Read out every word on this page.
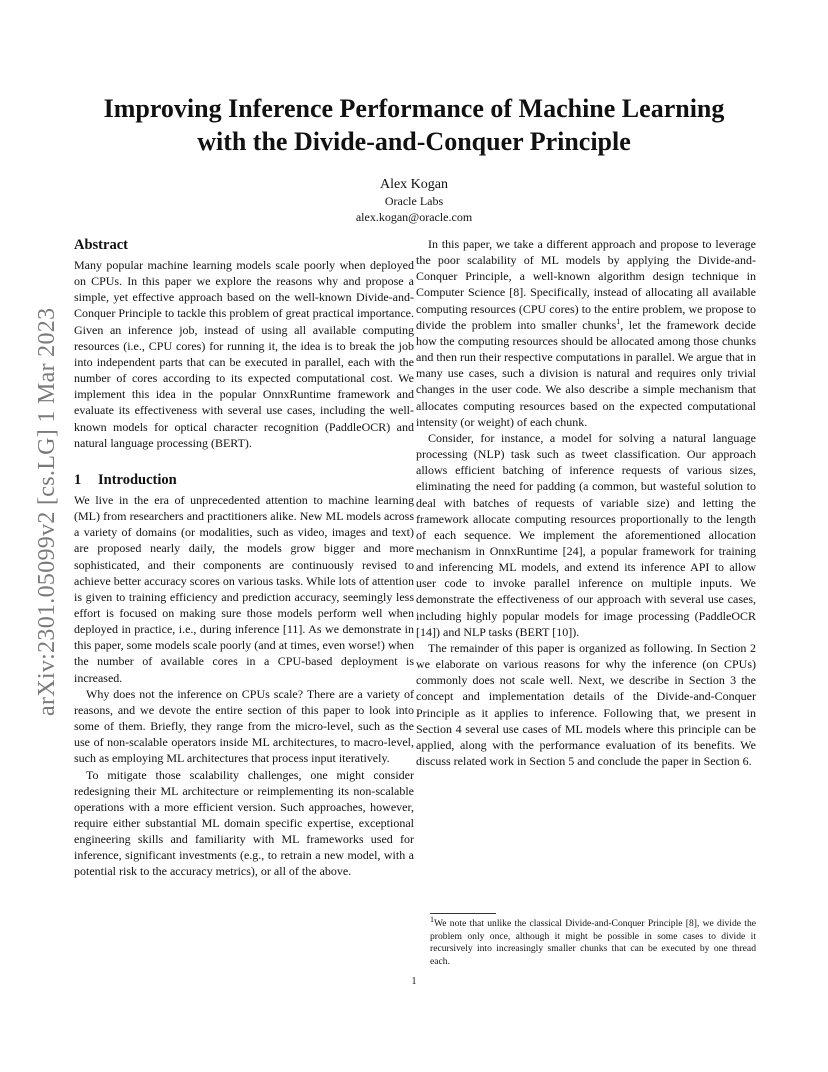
arXiv:2301.05099v2 [cs.LG] 1 Mar 2023
Improving Inference Performance of Machine Learning with the Divide-and-Conquer Principle
Alex Kogan
Oracle Labs
alex.kogan@oracle.com
Abstract

Many popular machine learning models scale poorly when deployed on CPUs. In this paper we explore the reasons why and propose a simple, yet effective approach based on the well-known Divide-and-Conquer Principle to tackle this problem of great practical importance. Given an inference job, instead of using all available computing resources (i.e., CPU cores) for running it, the idea is to break the job into independent parts that can be executed in parallel, each with the number of cores according to its expected computational cost. We implement this idea in the popular OnnxRuntime framework and evaluate its effectiveness with several use cases, including the well-known models for optical character recognition (PaddleOCR) and natural language processing (BERT).

1 Introduction

We live in the era of unprecedented attention to machine learning (ML) from researchers and practitioners alike. New ML models across a variety of domains (or modalities, such as video, images and text) are proposed nearly daily, the models grow bigger and more sophisticated, and their components are continuously revised to achieve better accuracy scores on various tasks. While lots of attention is given to training efficiency and prediction accuracy, seemingly less effort is focused on making sure those models perform well when deployed in practice, i.e., during inference [11]. As we demonstrate in this paper, some models scale poorly (and at times, even worse!) when the number of available cores in a CPU-based deployment is increased.

Why does not the inference on CPUs scale? There are a variety of reasons, and we devote the entire section of this paper to look into some of them. Briefly, they range from the micro-level, such as the use of non-scalable operators inside ML architectures, to macro-level, such as employing ML architectures that process input iteratively.

To mitigate those scalability challenges, one might consider redesigning their ML architecture or reimplementing its non-scalable operations with a more efficient version. Such approaches, however, require either substantial ML domain specific expertise, exceptional engineering skills and familiarity with ML frameworks used for inference, significant investments (e.g., to retrain a new model, with a potential risk to the accuracy metrics), or all of the above.

In this paper, we take a different approach and propose to leverage the poor scalability of ML models by applying the Divide-and-Conquer Principle, a well-known algorithm design technique in Computer Science [8]. Specifically, instead of allocating all available computing resources (CPU cores) to the entire problem, we propose to divide the problem into smaller chunks$^1$, let the framework decide how the computing resources should be allocated among those chunks and then run their respective computations in parallel. We argue that in many use cases, such a division is natural and requires only trivial changes in the user code. We also describe a simple mechanism that allocates computing resources based on the expected computational intensity (or weight) of each chunk.

Consider, for instance, a model for solving a natural language processing (NLP) task such as tweet classification. Our approach allows efficient batching of inference requests of various sizes, eliminating the need for padding (a common, but wasteful solution to deal with batches of requests of variable size) and letting the framework allocate computing resources proportionally to the length of each sequence. We implement the aforementioned allocation mechanism in OnnxRuntime [24], a popular framework for training and inferencing ML models, and extend its inference API to allow user code to invoke parallel inference on multiple inputs. We demonstrate the effectiveness of our approach with several use cases, including highly popular models for image processing (PaddleOCR [14]) and NLP tasks (BERT [10]).

The remainder of this paper is organized as following. In Section 2 we elaborate on various reasons for why the inference (on CPUs) commonly does not scale well. Next, we describe in Section 3 the concept and implementation details of the Divide-and-Conquer Principle as it applies to inference. Following that, we present in Section 4 several use cases of ML models where this principle can be applied, along with the performance evaluation of its benefits. We discuss related work in Section 5 and conclude the paper in Section 6.

$^1$We note that unlike the classical Divide-and-Conquer Principle [8], we divide the problem only once, although it might be possible in some cases to divide it recursively into increasingly smaller chunks that can be executed by one thread each.
1
